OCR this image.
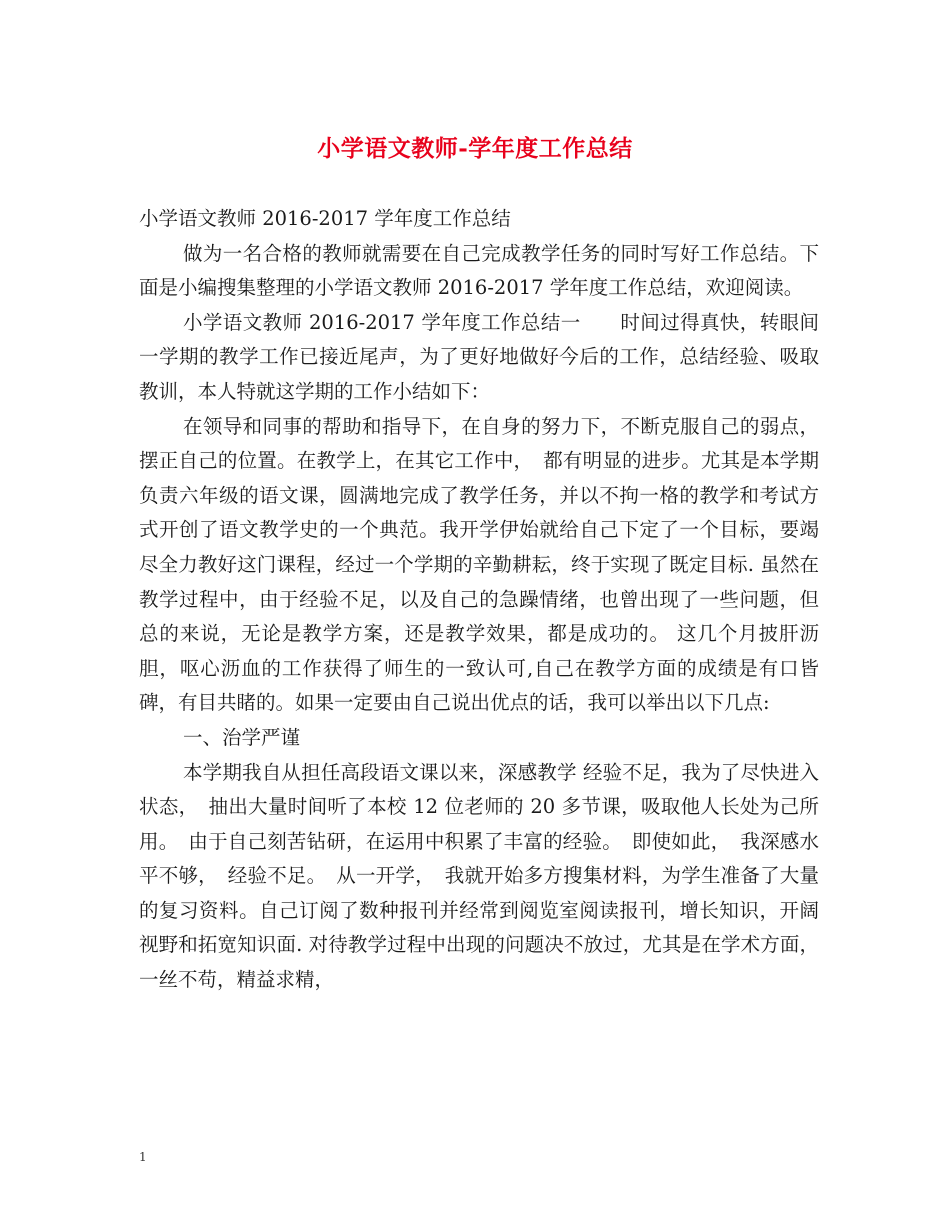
小学语文教师-学年度工作总结

小学语文教师 2016-2017 学年度工作总结

做为一名合格的教师就需要在自己完成教学任务的同时写好工作总结。下面是小编搜集整理的小学语文教师 2016-2017 学年度工作总结，欢迎阅读。

小学语文教师 2016-2017 学年度工作总结一　　时间过得真快，转眼间一学期的教学工作已接近尾声，为了更好地做好今后的工作，总结经验、吸取教训，本人特就这学期的工作小结如下：

在领导和同事的帮助和指导下，在自身的努力下，不断克服自己的弱点，摆正自己的位置。在教学上，在其它工作中，　都有明显的进步。尤其是本学期负责六年级的语文课，圆满地完成了教学任务，并以不拘一格的教学和考试方式开创了语文教学史的一个典范。我开学伊始就给自己下定了一个目标，要竭尽全力教好这门课程，经过一个学期的辛勤耕耘，终于实现了既定目标. 虽然在教学过程中，由于经验不足，以及自己的急躁情绪，也曾出现了一些问题，但总的来说，无论是教学方案，还是教学效果，都是成功的。 这几个月披肝沥胆，呕心沥血的工作获得了师生的一致认可,自己在教学方面的成绩是有口皆碑，有目共睹的。如果一定要由自己说出优点的话，我可以举出以下几点:

一、治学严谨

本学期我自从担任高段语文课以来，深感教学 经验不足，我为了尽快进入状态，　抽出大量时间听了本校 12 位老师的 20 多节课，吸取他人长处为己所用。　由于自己刻苦钻研，在运用中积累了丰富的经验。　即使如此，　我深感水平不够，　经验不足。　从一开学，　我就开始多方搜集材料，为学生准备了大量的复习资料。自己订阅了数种报刊并经常到阅览室阅读报刊，增长知识，开阔视野和拓宽知识面. 对待教学过程中出现的问题决不放过，尤其是在学术方面，一丝不苟，精益求精，

1
